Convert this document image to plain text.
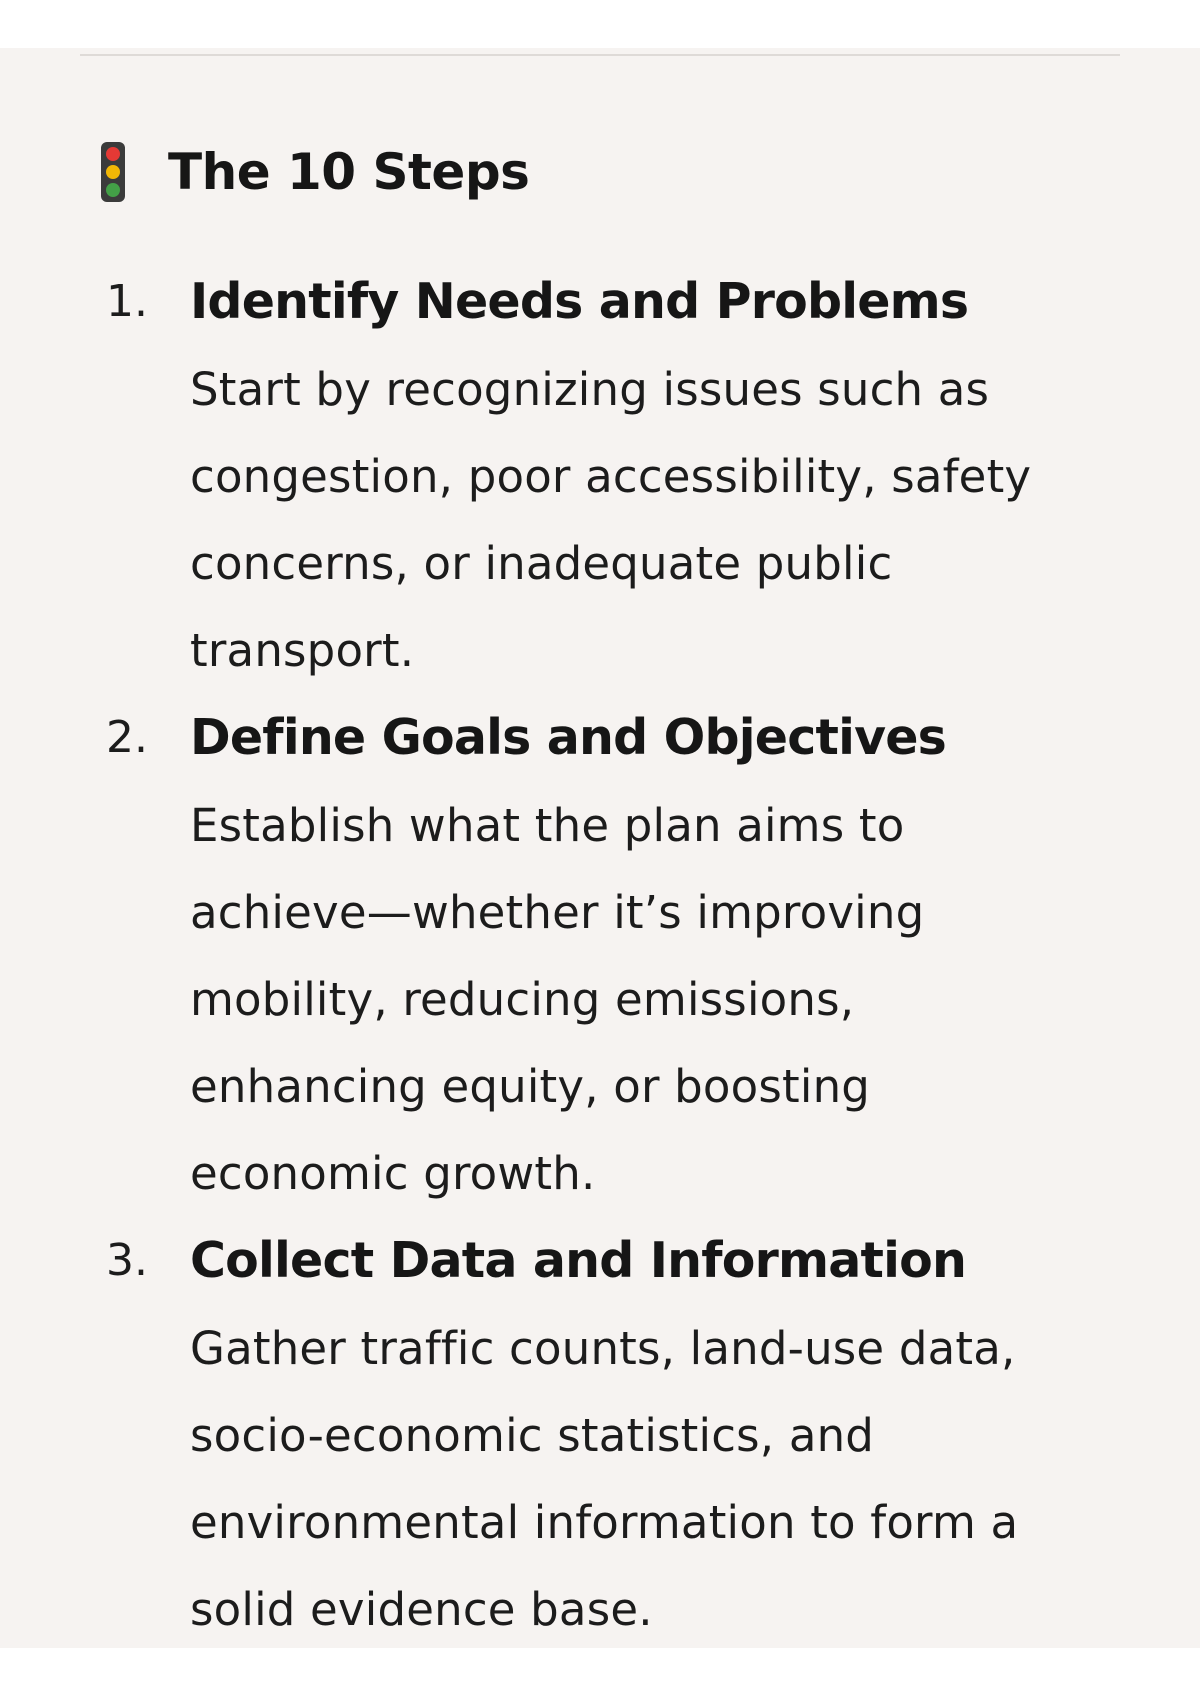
The 10 Steps
1. Identify Needs and Problems
Start by recognizing issues such as congestion, poor accessibility, safety concerns, or inadequate public transport.
2. Define Goals and Objectives
Establish what the plan aims to achieve—whether it’s improving mobility, reducing emissions, enhancing equity, or boosting economic growth.
3. Collect Data and Information
Gather traffic counts, land-use data, socio-economic statistics, and environmental information to form a solid evidence base.
